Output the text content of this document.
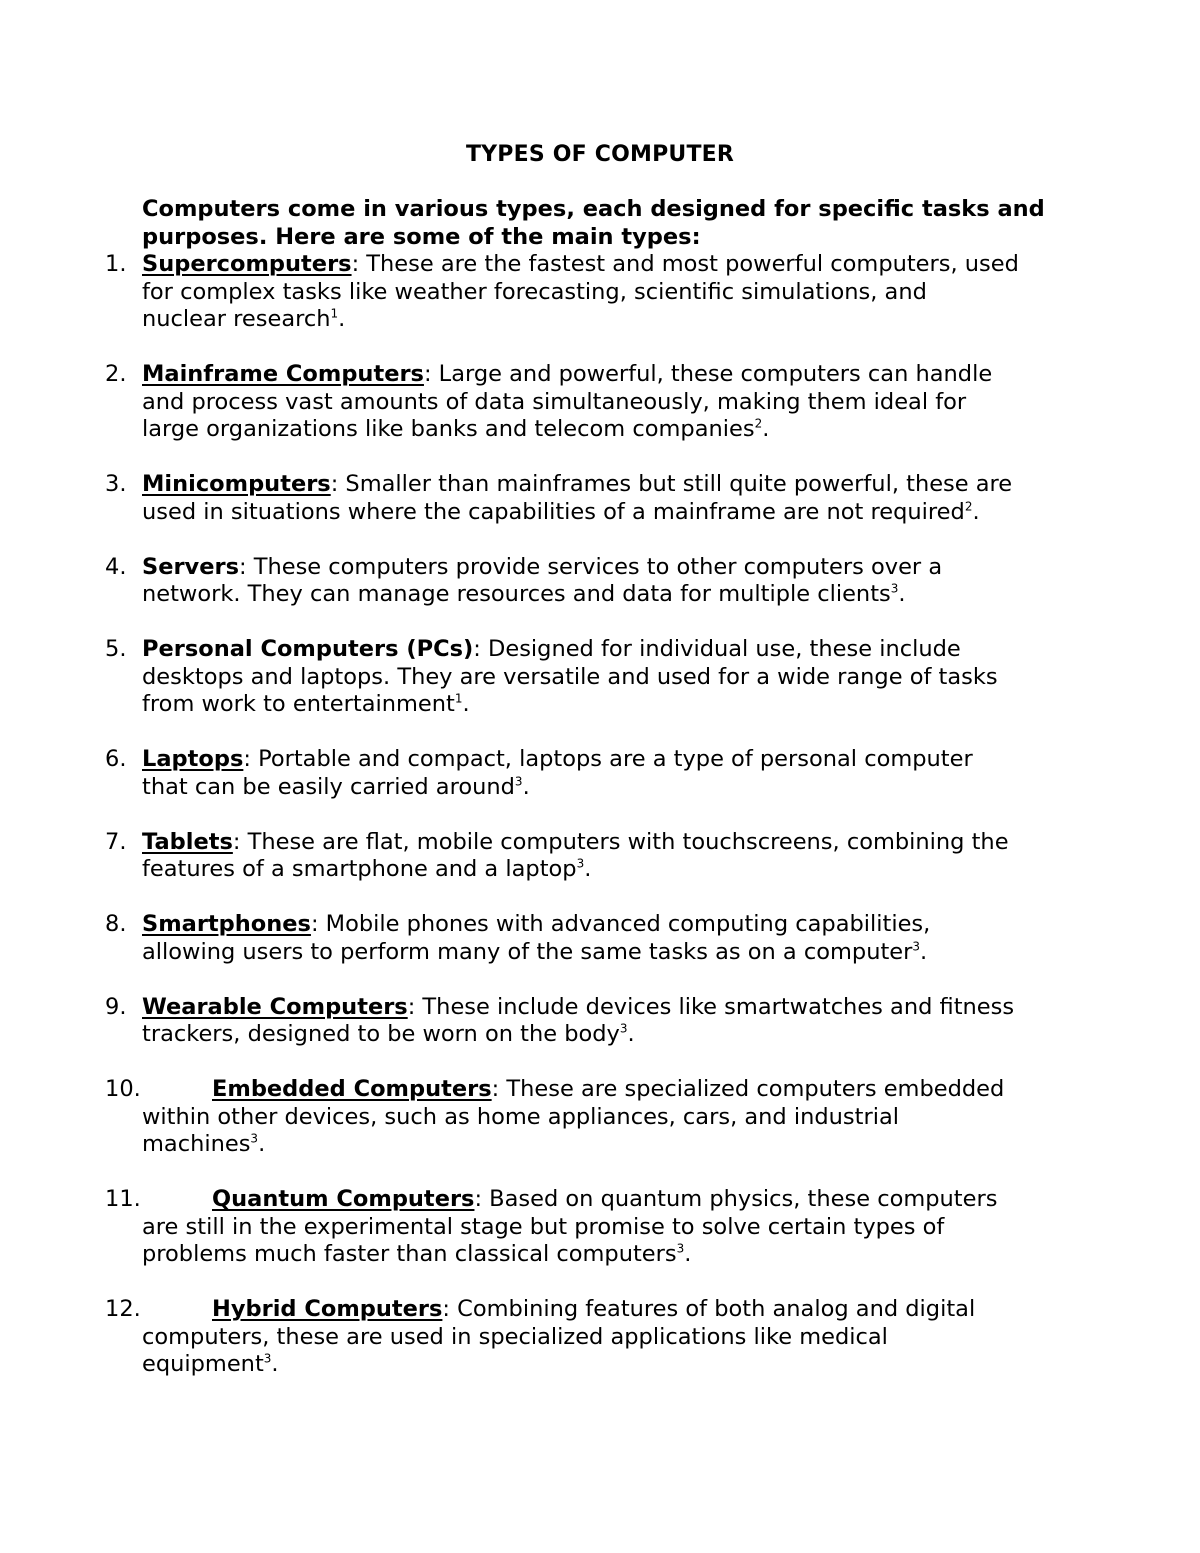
TYPES OF COMPUTER

Computers come in various types, each designed for specific tasks and purposes. Here are some of the main types:

1. Supercomputers: These are the fastest and most powerful computers, used
for complex tasks like weather forecasting, scientific simulations, and
nuclear research$^1$.
2. Mainframe Computers: Large and powerful, these computers can handle
and process vast amounts of data simultaneously, making them ideal for
large organizations like banks and telecom companies$^2$.
3. Minicomputers: Smaller than mainframes but still quite powerful, these are
used in situations where the capabilities of a mainframe are not required$^2$.
4. Servers: These computers provide services to other computers over a
network. They can manage resources and data for multiple clients$^3$.
5. Personal Computers (PCs): Designed for individual use, these include
desktops and laptops. They are versatile and used for a wide range of tasks
from work to entertainment$^1$.
6. Laptops: Portable and compact, laptops are a type of personal computer
that can be easily carried around$^3$.
7. Tablets: These are flat, mobile computers with touchscreens, combining the
features of a smartphone and a laptop$^3$.
8. Smartphones: Mobile phones with advanced computing capabilities,
allowing users to perform many of the same tasks as on a computer$^3$.
9. Wearable Computers: These include devices like smartwatches and fitness
trackers, designed to be worn on the body$^3$.
10.	Embedded Computers: These are specialized computers embedded
within other devices, such as home appliances, cars, and industrial
machines$^3$.
11.	Quantum Computers: Based on quantum physics, these computers
are still in the experimental stage but promise to solve certain types of
problems much faster than classical computers$^3$.
12.	Hybrid Computers: Combining features of both analog and digital
computers, these are used in specialized applications like medical
equipment$^3$.
